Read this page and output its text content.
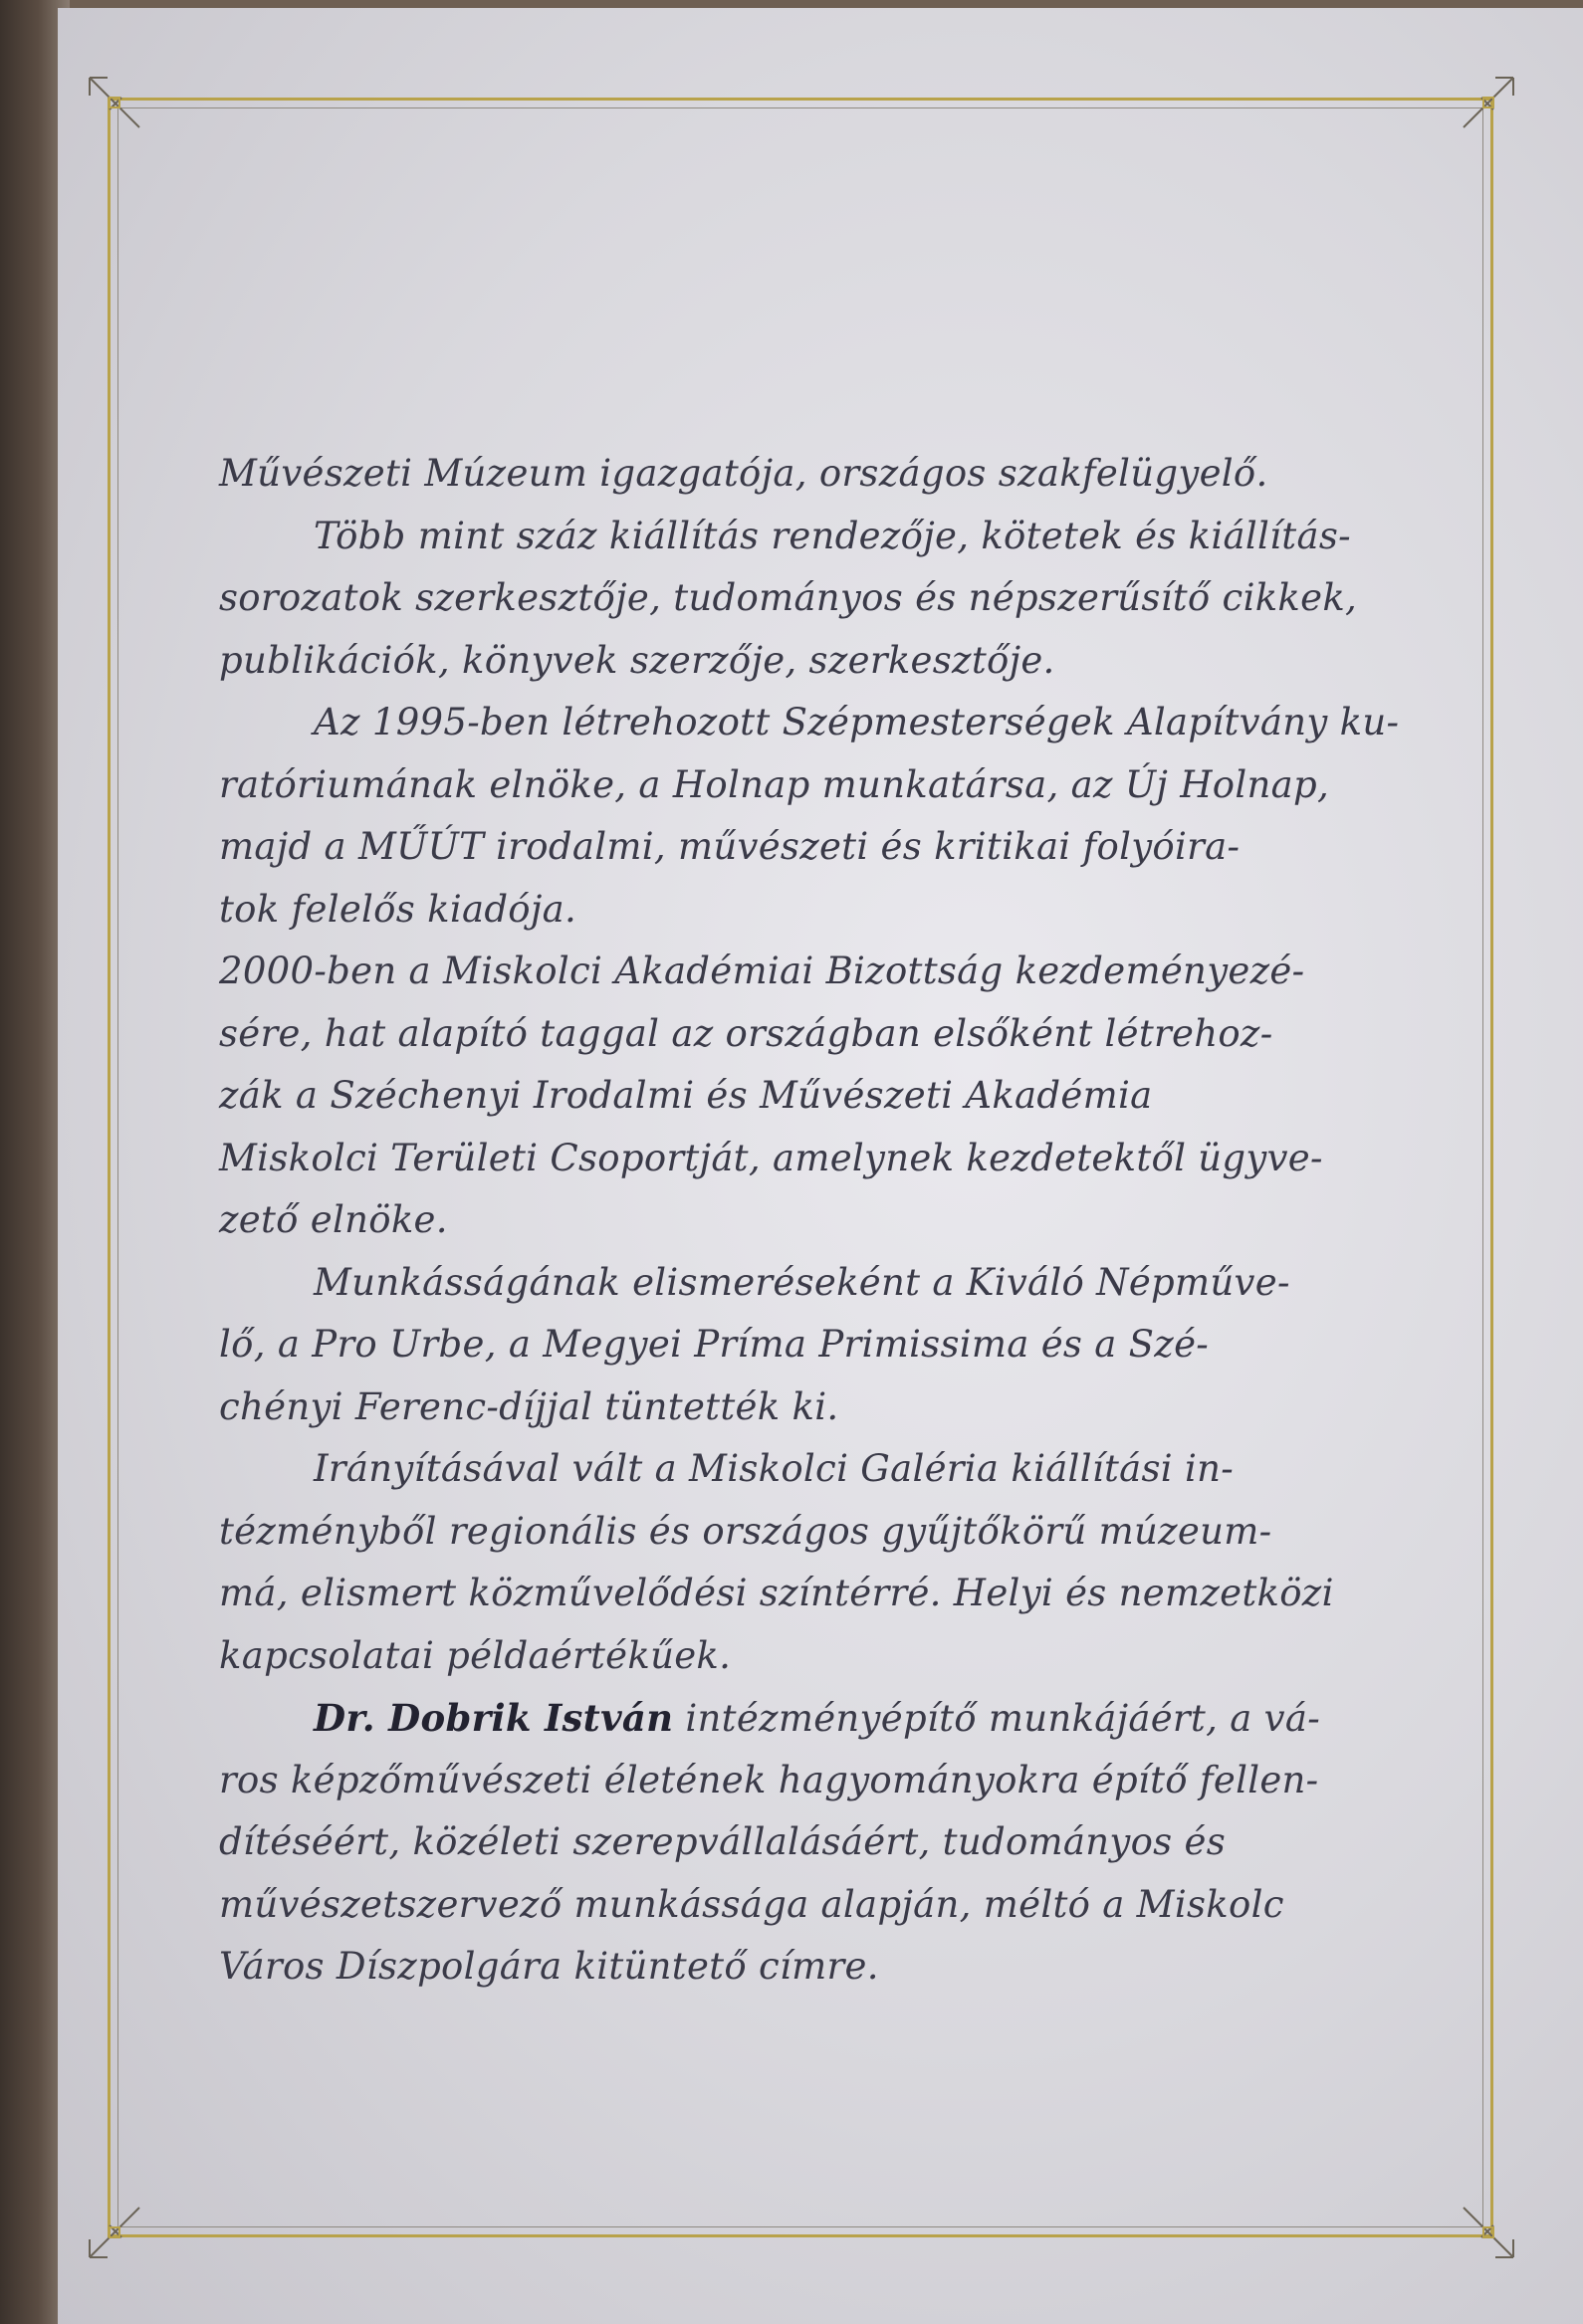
Művészeti Múzeum igazgatója, országos szakfelügyelő.
Több mint száz kiállítás rendezője, kötetek és kiállítás-
sorozatok szerkesztője, tudományos és népszerűsítő cikkek,
publikációk, könyvek szerzője, szerkesztője.
Az 1995-ben létrehozott Szépmesterségek Alapítvány ku-
ratóriumának elnöke, a Holnap munkatársa, az Új Holnap,
majd a MŰÚT irodalmi, művészeti és kritikai folyóira-
tok felelős kiadója.
2000-ben a Miskolci Akadémiai Bizottság kezdeményezé-
sére, hat alapító taggal az országban elsőként létrehoz-
zák a Széchenyi Irodalmi és Művészeti Akadémia
Miskolci Területi Csoportját, amelynek kezdetektől ügyve-
zető elnöke.
Munkásságának elismeréseként a Kiváló Népműve-
lő, a Pro Urbe, a Megyei Príma Primissima és a Szé-
chényi Ferenc-díjjal tüntették ki.
Irányításával vált a Miskolci Galéria kiállítási in-
tézményből regionális és országos gyűjtőkörű múzeum-
má, elismert közművelődési színtérré. Helyi és nemzetközi
kapcsolatai példaértékűek.
Dr. Dobrik István intézményépítő munkájáért, a vá-
ros képzőművészeti életének hagyományokra építő fellen-
dítéséért, közéleti szerepvállalásáért, tudományos és
művészetszervező munkássága alapján, méltó a Miskolc
Város Díszpolgára kitüntető címre.
